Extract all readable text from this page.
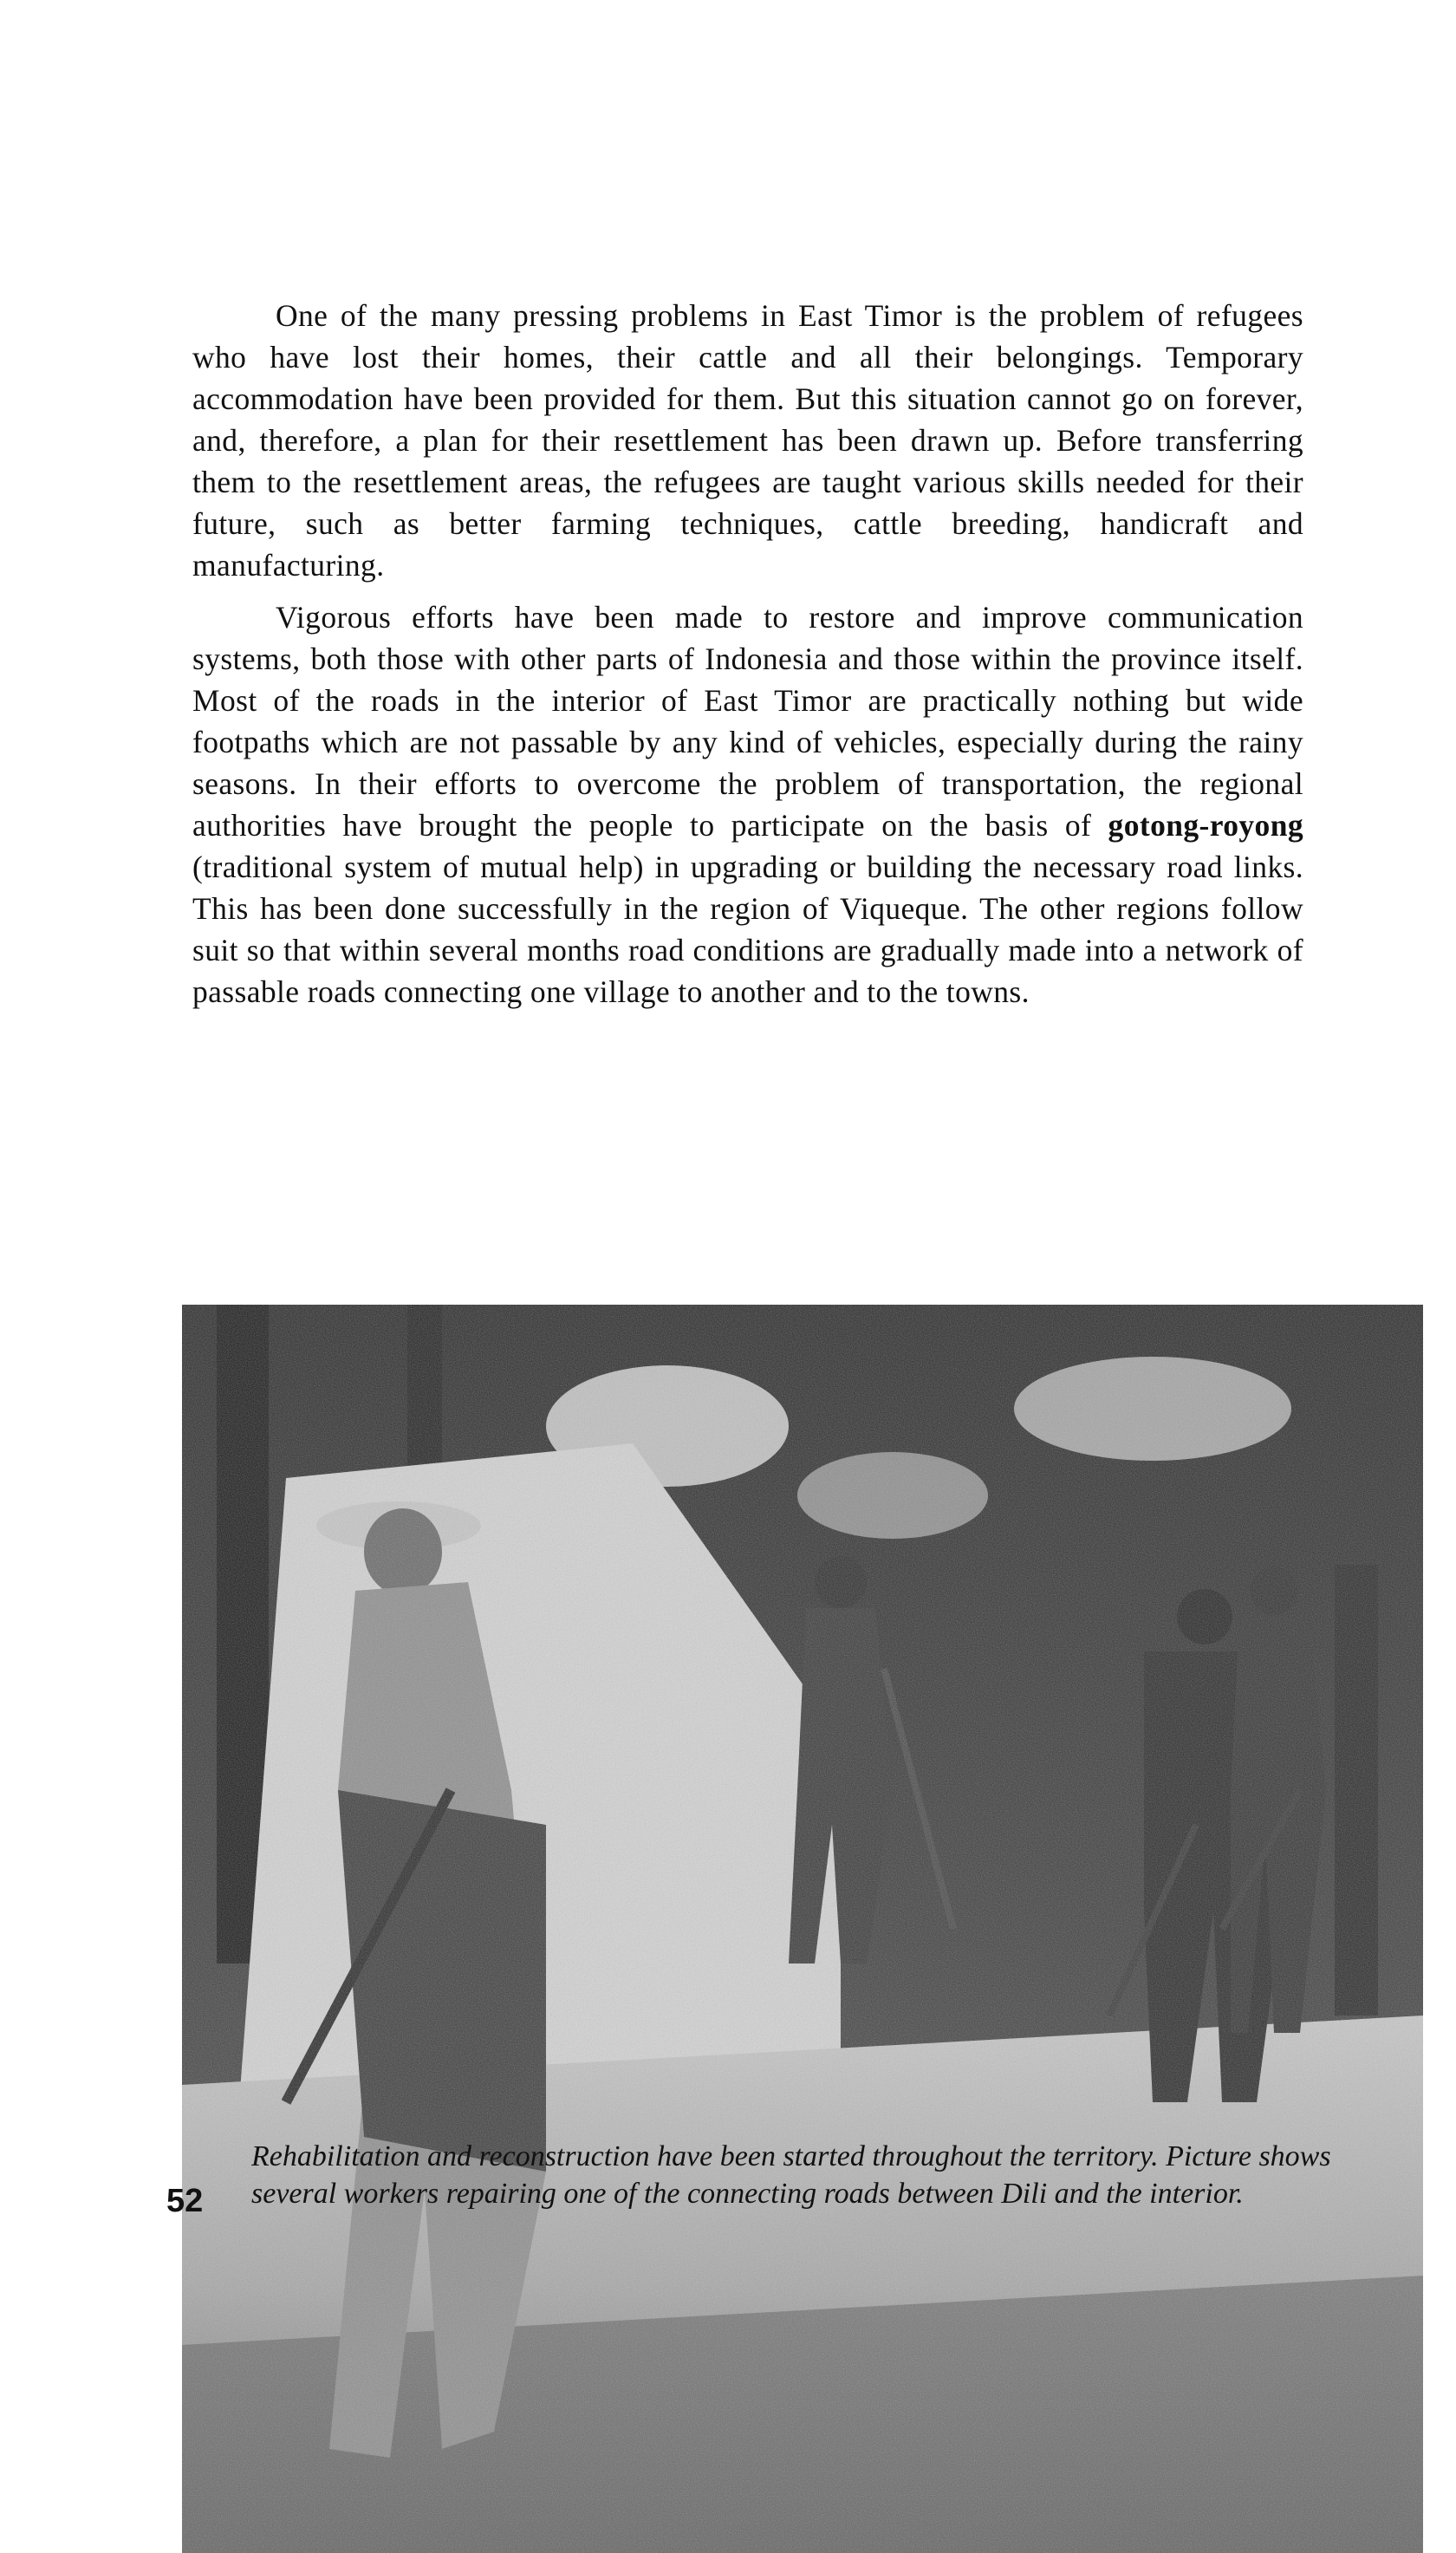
One of the many pressing problems in East Timor is the problem of refugees who have lost their homes, their cattle and all their belongings. Temporary accommodation have been provided for them. But this situation cannot go on forever, and, therefore, a plan for their resettlement has been drawn up. Before transferring them to the resettlement areas, the refugees are taught various skills needed for their future, such as better farming techniques, cattle breeding, handicraft and manufacturing.

Vigorous efforts have been made to restore and improve communication systems, both those with other parts of Indonesia and those within the province itself. Most of the roads in the interior of East Timor are practically nothing but wide footpaths which are not passable by any kind of vehicles, especially during the rainy seasons. In their efforts to overcome the problem of transportation, the regional authorities have brought the people to participate on the basis of gotong-royong (traditional system of mutual help) in upgrading or building the necessary road links. This has been done successfully in the region of Viqueque. The other regions follow suit so that within several months road conditions are gradually made into a network of passable roads connecting one village to another and to the towns.

Rehabilitation and reconstruction have been started throughout the territory. Picture shows several workers repairing one of the connecting roads between Dili and the interior.
52
